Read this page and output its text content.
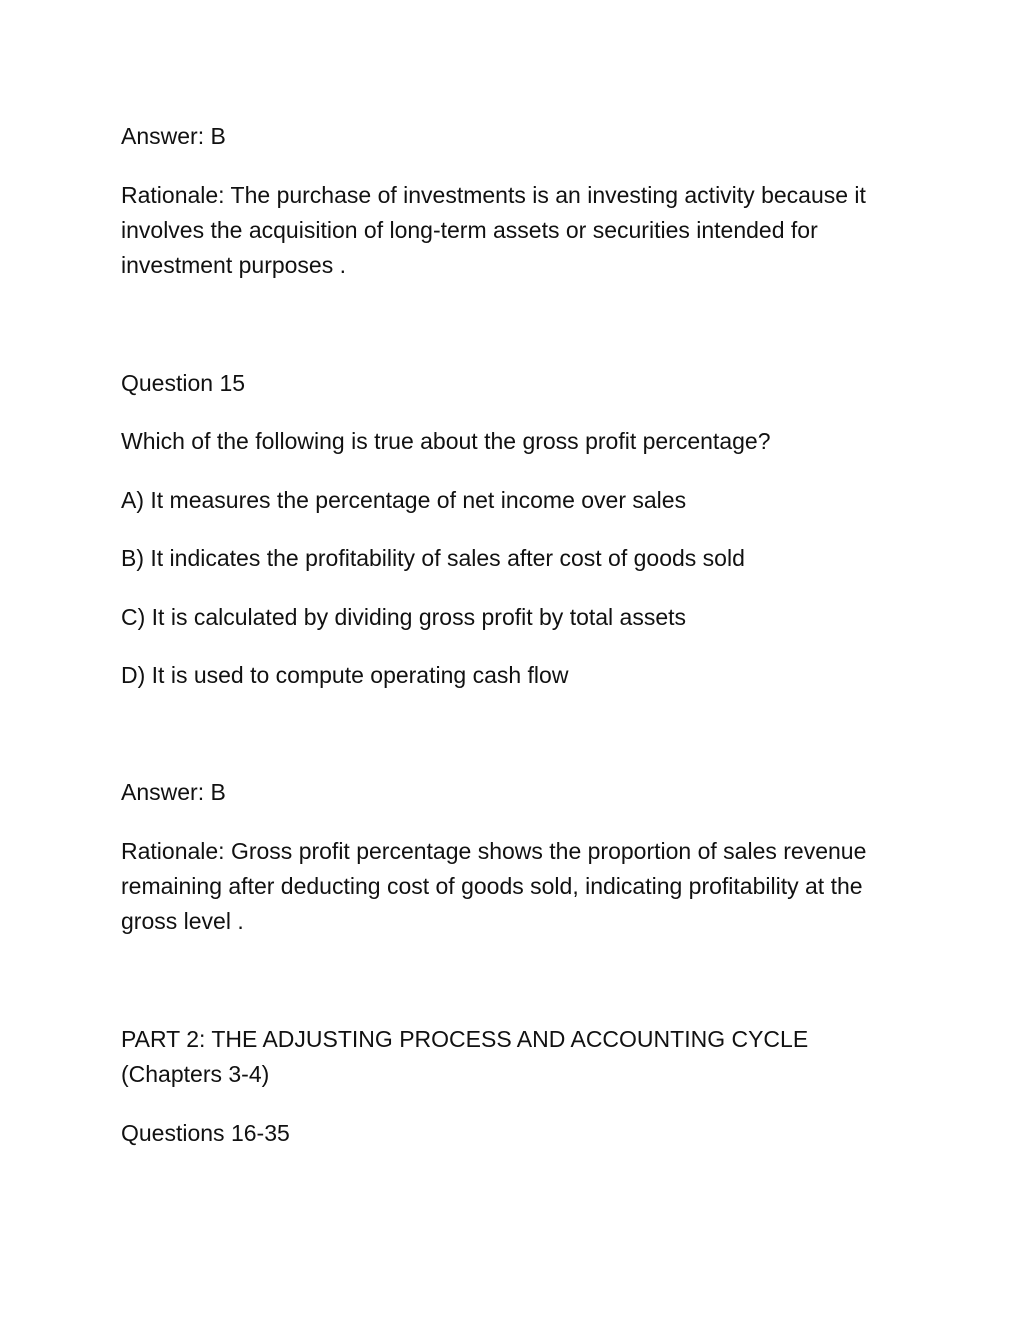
Answer: B

Rationale: The purchase of investments is an investing activity because it involves the acquisition of long-term assets or securities intended for investment purposes .

Question 15

Which of the following is true about the gross profit percentage?

A) It measures the percentage of net income over sales

B) It indicates the profitability of sales after cost of goods sold

C) It is calculated by dividing gross profit by total assets

D) It is used to compute operating cash flow

Answer: B

Rationale: Gross profit percentage shows the proportion of sales revenue remaining after deducting cost of goods sold, indicating profitability at the gross level .

PART 2: THE ADJUSTING PROCESS AND ACCOUNTING CYCLE (Chapters 3-4)

Questions 16-35
